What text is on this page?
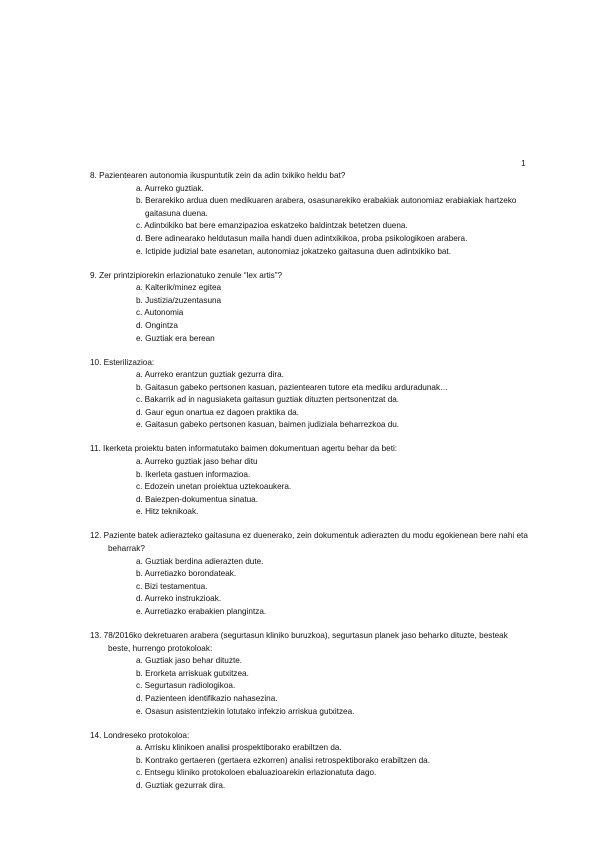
1
8. Pazientearen autonomia ikuspuntutik zein da adin txikiko heldu bat?
a. Aurreko guztiak.
b. Berarekiko ardua duen medikuaren arabera, osasunarekiko erabakiak autonomiaz erabiakiak hartzeko gaitasuna duena.
c. Adintxikiko bat bere emanzipazioa eskatzeko baldintzak betetzen duena.
d. Bere adinearako heldutasun maila handi duen adintxikikoa, proba psikologikoen arabera.
e. Ictipide judizial bate esanetan, autonomiaz jokatzeko gaitasuna duen adintxikiko bat.
9. Zer printzipiorekin erlazionatuko zenule “lex artis”?
a. Kalterik/minez egitea
b. Justizia/zuzentasuna
c. Autonomia
d. Ongintza
e. Guztiak era berean
10. Esterilizazioa:
a. Aurreko erantzun guztiak gezurra dira.
b. Gaitasun gabeko pertsonen kasuan, pazientearen tutore eta mediku arduradunak…
c. Bakarrik ad in nagusiaketa gaitasun guztiak dituzten pertsonentzat da.
d. Gaur egun onartua ez dagoen praktika da.
e. Gaitasun gabeko pertsonen kasuan, baimen judiziala beharrezkoa du.
11. Ikerketa proiektu baten informatutako baimen dokumentuan agertu behar da beti:
a. Aurreko guztiak jaso behar ditu
b. Ikerleta gastuen informazioa.
c. Edozein unetan proiektua uztekoaukera.
d. Baiezpen-dokumentua sinatua.
e. Hitz teknikoak.
12. Paziente batek adierazteko gaitasuna ez duenerako, zein dokumentuk adierazten du modu egokienean bere nahi eta beharrak?
a. Guztiak berdina adierazten dute.
b. Aurretiazko borondateak.
c. Bizi testamentua.
d. Aurreko instrukzioak.
e. Aurretiazko erabakien plangintza.
13. 78/2016ko dekretuaren arabera (segurtasun kliniko buruzkoa), segurtasun planek jaso beharko dituzte, besteak beste, hurrengo protokoloak:
a. Guztiak jaso behar dituzte.
b. Erorketa arriskuak gutxitzea.
c. Segurtasun radiologikoa.
d. Pazienteen identifikazio nahasezina.
e. Osasun asistentziekin lotutako infekzio arriskua gutxitzea.
14. Londreseko protokoloa:
a. Arrisku klinikoen analisi prospektiborako erabiltzen da.
b. Kontrako gertaeren (gertaera ezkorren) analisi retrospektiborako erabiltzen da.
c. Entsegu kliniko protokoloen ebaluazioarekin erlazionatuta dago.
d. Guztiak gezurrak dira.
